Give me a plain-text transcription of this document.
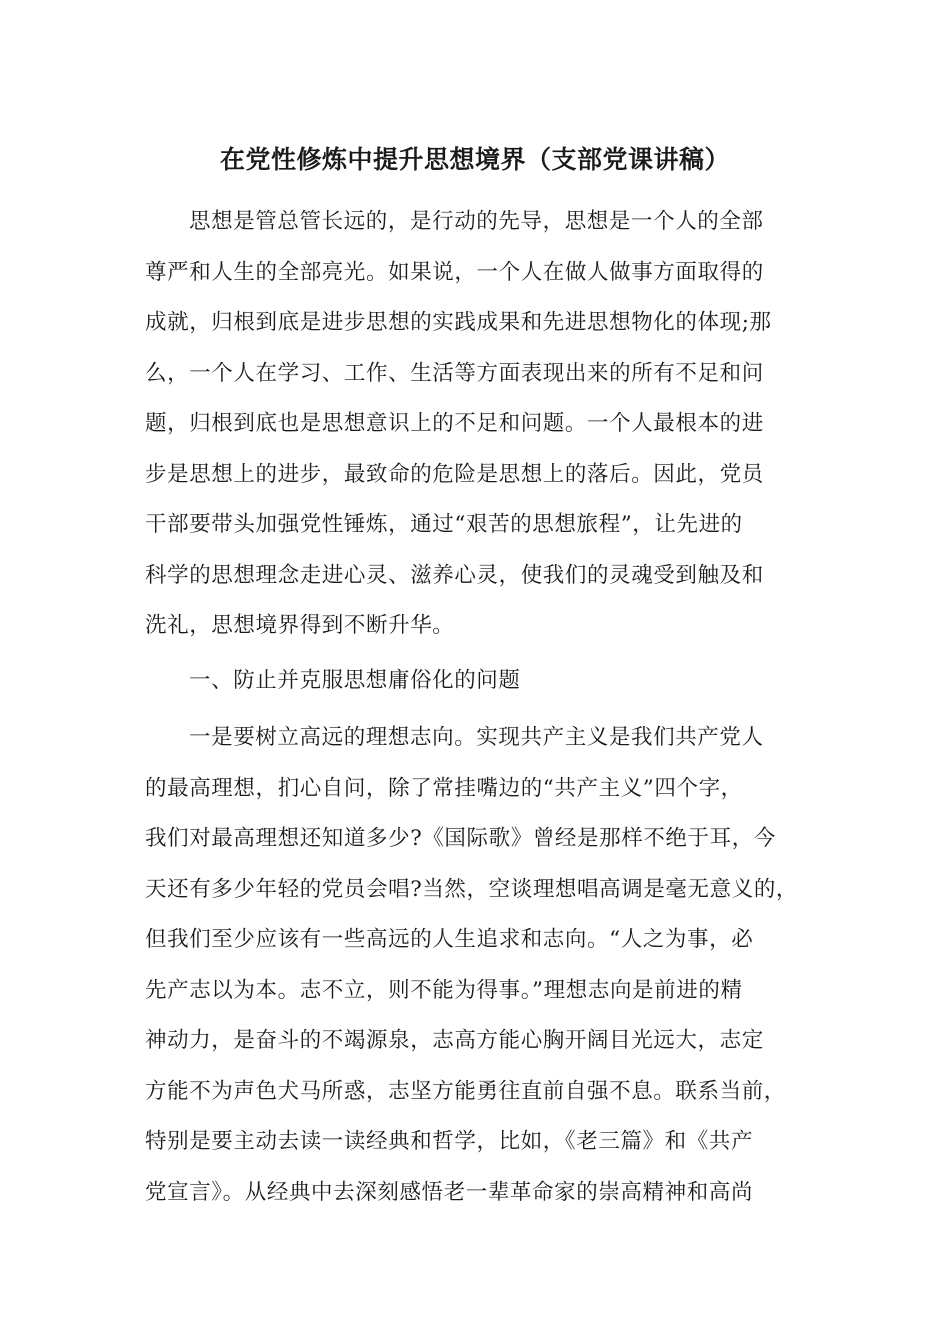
在党性修炼中提升思想境界（支部党课讲稿）
思想是管总管长远的，是行动的先导，思想是一个人的全部
尊严和人生的全部亮光。如果说，一个人在做人做事方面取得的
成就，归根到底是进步思想的实践成果和先进思想物化的体现;那
么，一个人在学习、工作、生活等方面表现出来的所有不足和问
题，归根到底也是思想意识上的不足和问题。一个人最根本的进
步是思想上的进步，最致命的危险是思想上的落后。因此，党员
干部要带头加强党性锤炼，通过“艰苦的思想旅程”，让先进的
科学的思想理念走进心灵、滋养心灵，使我们的灵魂受到触及和
洗礼，思想境界得到不断升华。
一、防止并克服思想庸俗化的问题
一是要树立高远的理想志向。实现共产主义是我们共产党人
的最高理想，扪心自问，除了常挂嘴边的“共产主义”四个字，
我们对最高理想还知道多少?《国际歌》曾经是那样不绝于耳，今
天还有多少年轻的党员会唱?当然，空谈理想唱高调是毫无意义的，
但我们至少应该有一些高远的人生追求和志向。“人之为事，必
先产志以为本。志不立，则不能为得事。”理想志向是前进的精
神动力，是奋斗的不竭源泉，志高方能心胸开阔目光远大，志定
方能不为声色犬马所惑，志坚方能勇往直前自强不息。联系当前，
特别是要主动去读一读经典和哲学，比如，《老三篇》和《共产
党宣言》。从经典中去深刻感悟老一辈革命家的崇高精神和高尚
